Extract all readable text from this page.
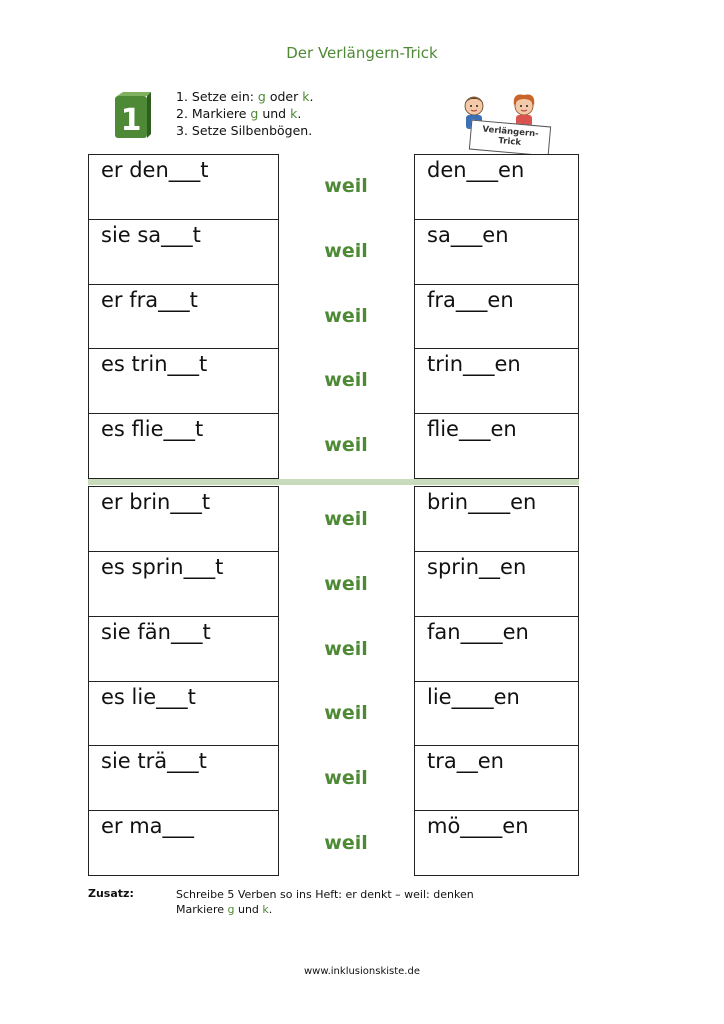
Der Verlängern-Trick
1
1. Setze ein: g oder k.
2. Markiere g und k.
3. Setze Silbenbögen.	Verlängern-
Trick
er den___t
sie sa___t
er fra___t
es trin___t
es flie___t
den___en
sa___en
fra___en
trin___en
flie___en
weil
weil
weil
weil
weil
er brin___t
es sprin___t
sie fän___t
es lie___t
sie trä___t
er ma___
brin____en
sprin__en
fan____en
lie____en
tra__en
mö____en
weil
weil
weil
weil
weil
weil
Zusatz:	Schreibe 5 Verben so ins Heft: er denkt – weil: denken
Markiere g und k.
www.inklusionskiste.de
